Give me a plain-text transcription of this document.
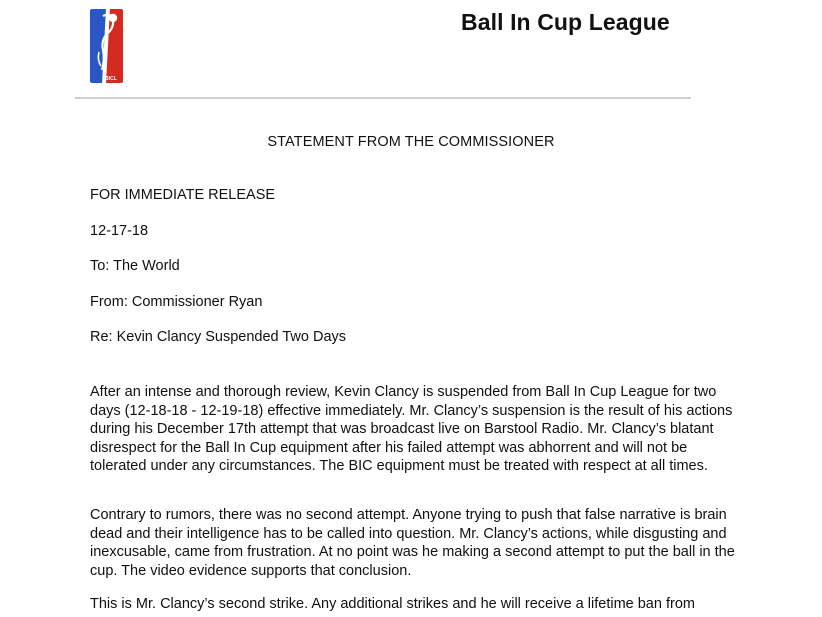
BICL
Ball In Cup League
STATEMENT FROM THE COMMISSIONER
FOR IMMEDIATE RELEASE
12-17-18
To: The World
From: Commissioner Ryan
Re: Kevin Clancy Suspended Two Days

After an intense and thorough review, Kevin Clancy is suspended from Ball In Cup League for two days (12-18-18 - 12-19-18) effective immediately. Mr. Clancy’s suspension is the result of his actions during his December 17th attempt that was broadcast live on Barstool Radio. Mr. Clancy’s blatant disrespect for the Ball In Cup equipment after his failed attempt was abhorrent and will not be tolerated under any circumstances. The BIC equipment must be treated with respect at all times.

Contrary to rumors, there was no second attempt. Anyone trying to push that false narrative is brain dead and their intelligence has to be called into question. Mr. Clancy’s actions, while disgusting and inexcusable, came from frustration. At no point was he making a second attempt to put the ball in the cup. The video evidence supports that conclusion.

This is Mr. Clancy’s second strike. Any additional strikes and he will receive a lifetime ban from
